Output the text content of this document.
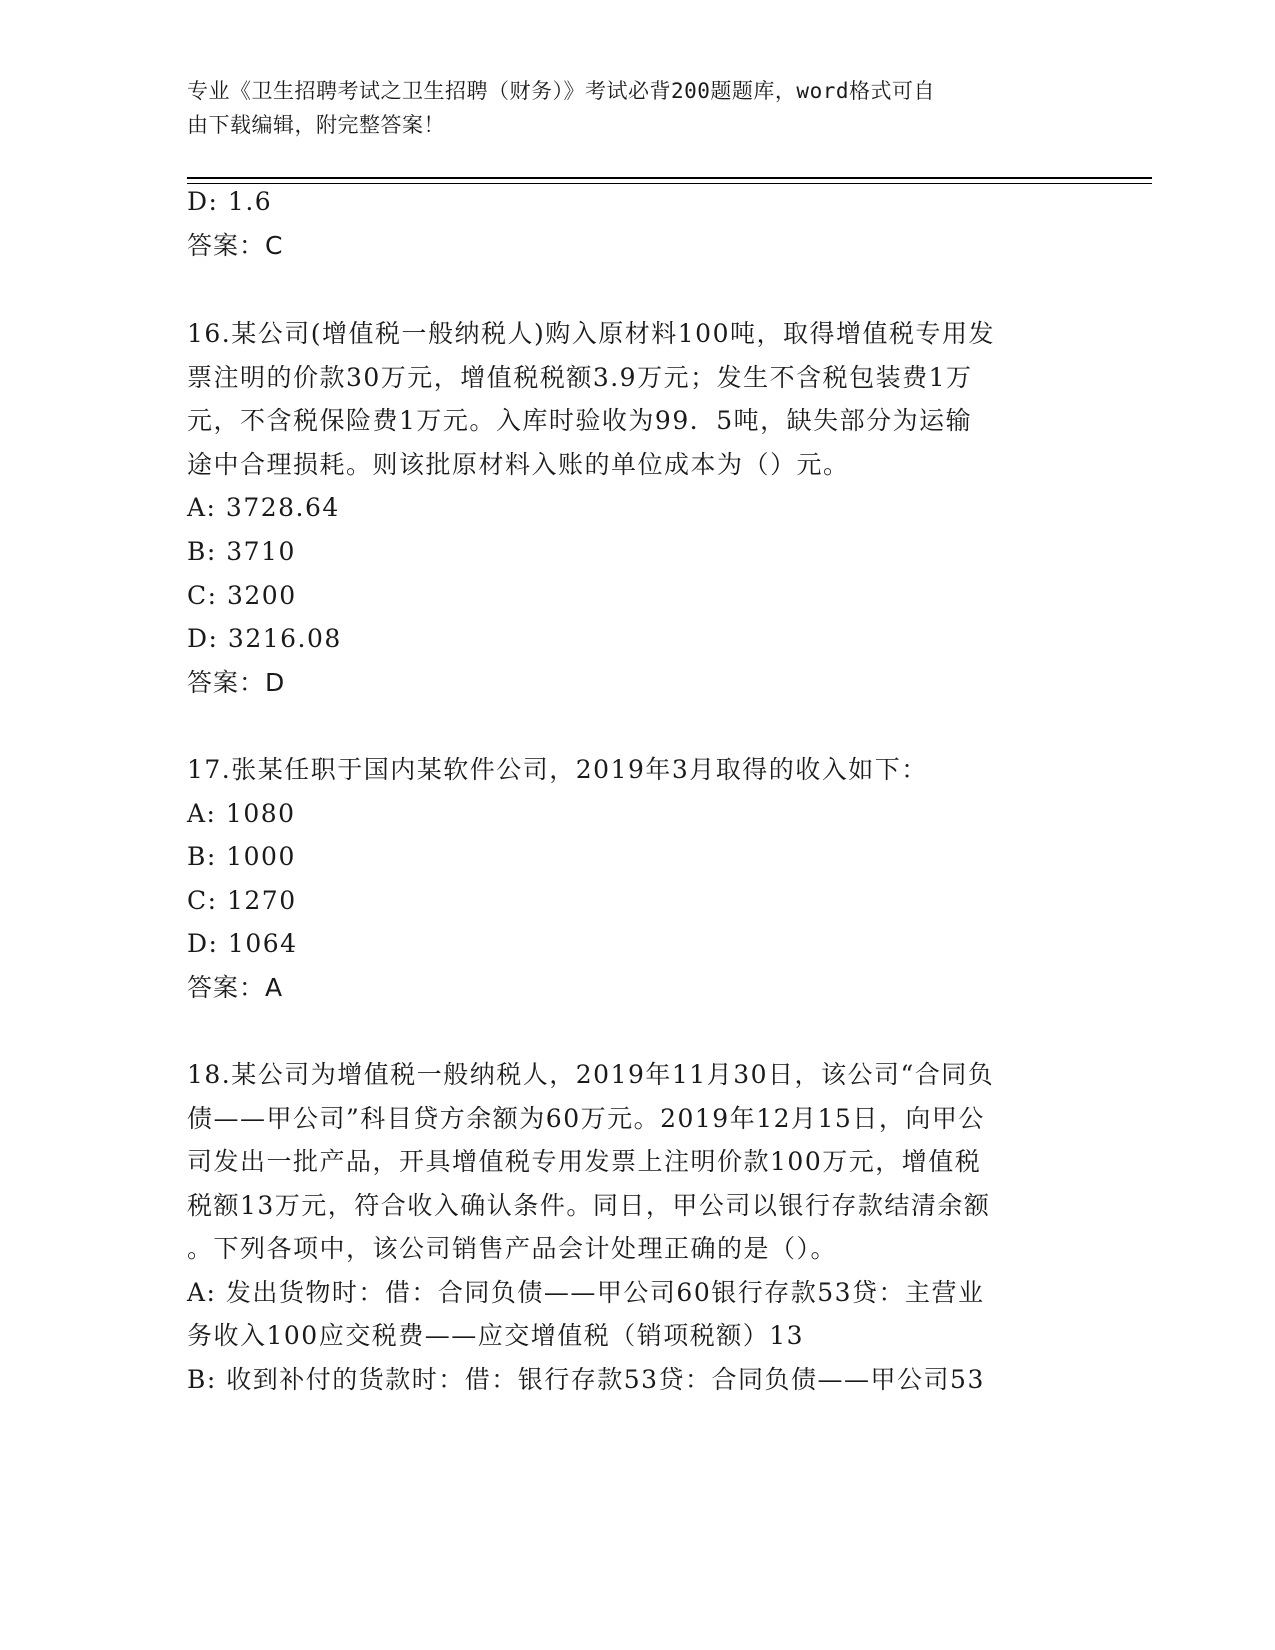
专业《卫生招聘考试之卫生招聘（财务）》考试必背200题题库，word格式可自
由下载编辑，附完整答案！
D: 1.6
答案：C
16.某公司(增值税一般纳税人)购入原材料100吨，取得增值税专用发
票注明的价款30万元，增值税税额3.9万元；发生不含税包装费1万
元，不含税保险费1万元。入库时验收为99．5吨，缺失部分为运输
途中合理损耗。则该批原材料入账的单位成本为（）元。
A: 3728.64
B: 3710
C: 3200
D: 3216.08
答案：D
17.张某任职于国内某软件公司，2019年3月取得的收入如下：
A: 1080
B: 1000
C: 1270
D: 1064
答案：A
18.某公司为增值税一般纳税人，2019年11月30日，该公司“合同负
债——甲公司”科目贷方余额为60万元。2019年12月15日，向甲公
司发出一批产品，开具增值税专用发票上注明价款100万元，增值税
税额13万元，符合收入确认条件。同日，甲公司以银行存款结清余额
。下列各项中，该公司销售产品会计处理正确的是（）。
A: 发出货物时：借：合同负债——甲公司60银行存款53贷：主营业
务收入100应交税费——应交增值税（销项税额）13
B: 收到补付的货款时：借：银行存款53贷：合同负债——甲公司53
